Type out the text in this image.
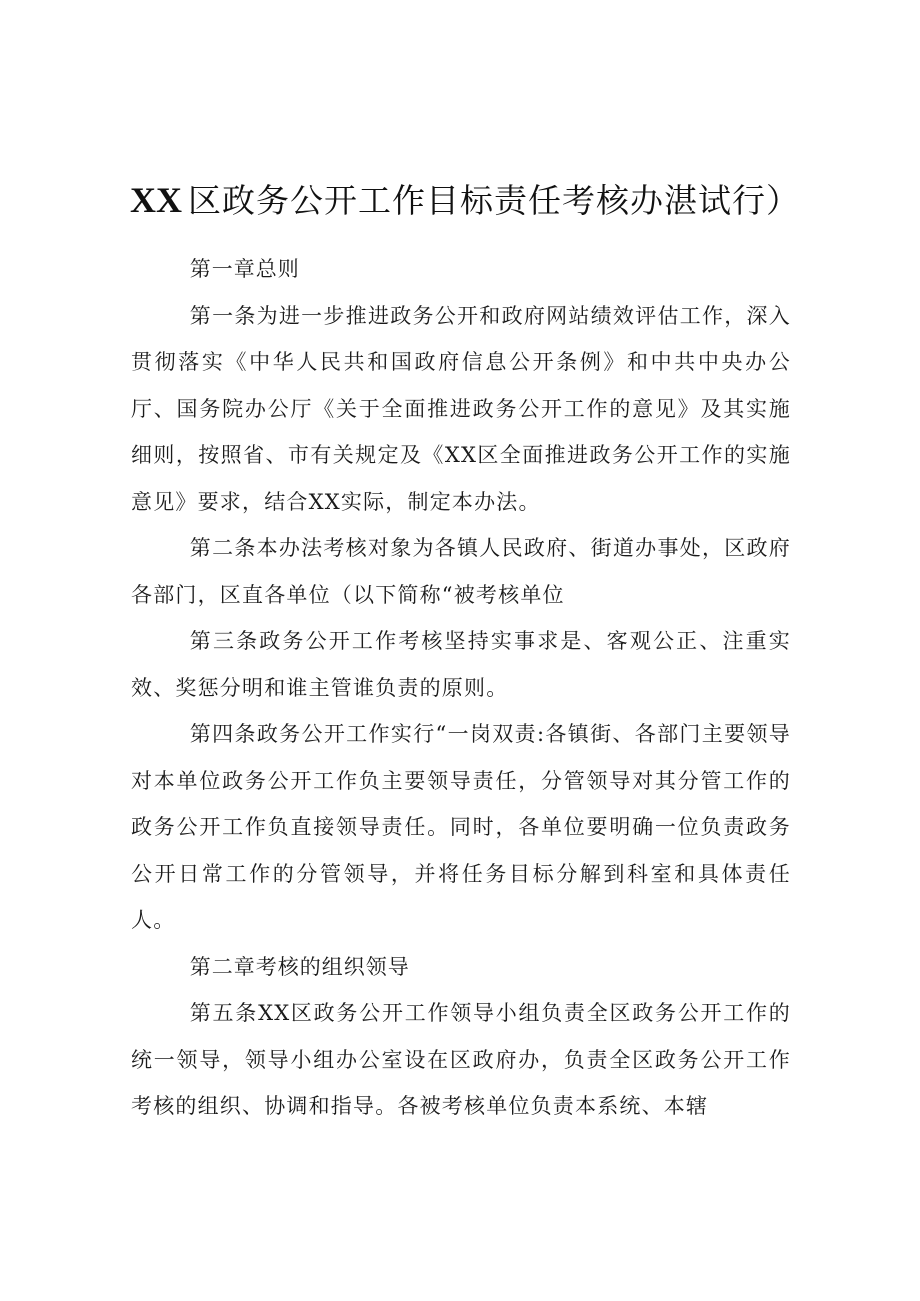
XX 区政务公开工作目标责任考核办湛试行）

第一章总则

第一条为进一步推进政务公开和政府网站绩效评估工作，深入贯彻落实《中华人民共和国政府信息公开条例》和中共中央办公厅、国务院办公厅《关于全面推进政务公开工作的意见》及其实施细则，按照省、市有关规定及《XX区全面推进政务公开工作的实施意见》要求，结合XX实际，制定本办法。

第二条本办法考核对象为各镇人民政府、街道办事处，区政府各部门，区直各单位（以下简称“被考核单位

第三条政务公开工作考核坚持实事求是、客观公正、注重实效、奖惩分明和谁主管谁负责的原则。

第四条政务公开工作实行“一岗双责:各镇街、各部门主要领导对本单位政务公开工作负主要领导责任，分管领导对其分管工作的政务公开工作负直接领导责任。同时，各单位要明确一位负责政务公开日常工作的分管领导，并将任务目标分解到科室和具体责任人。

第二章考核的组织领导

第五条XX区政务公开工作领导小组负责全区政务公开工作的统一领导，领导小组办公室设在区政府办，负责全区政务公开工作考核的组织、协调和指导。各被考核单位负责本系统、本辖
